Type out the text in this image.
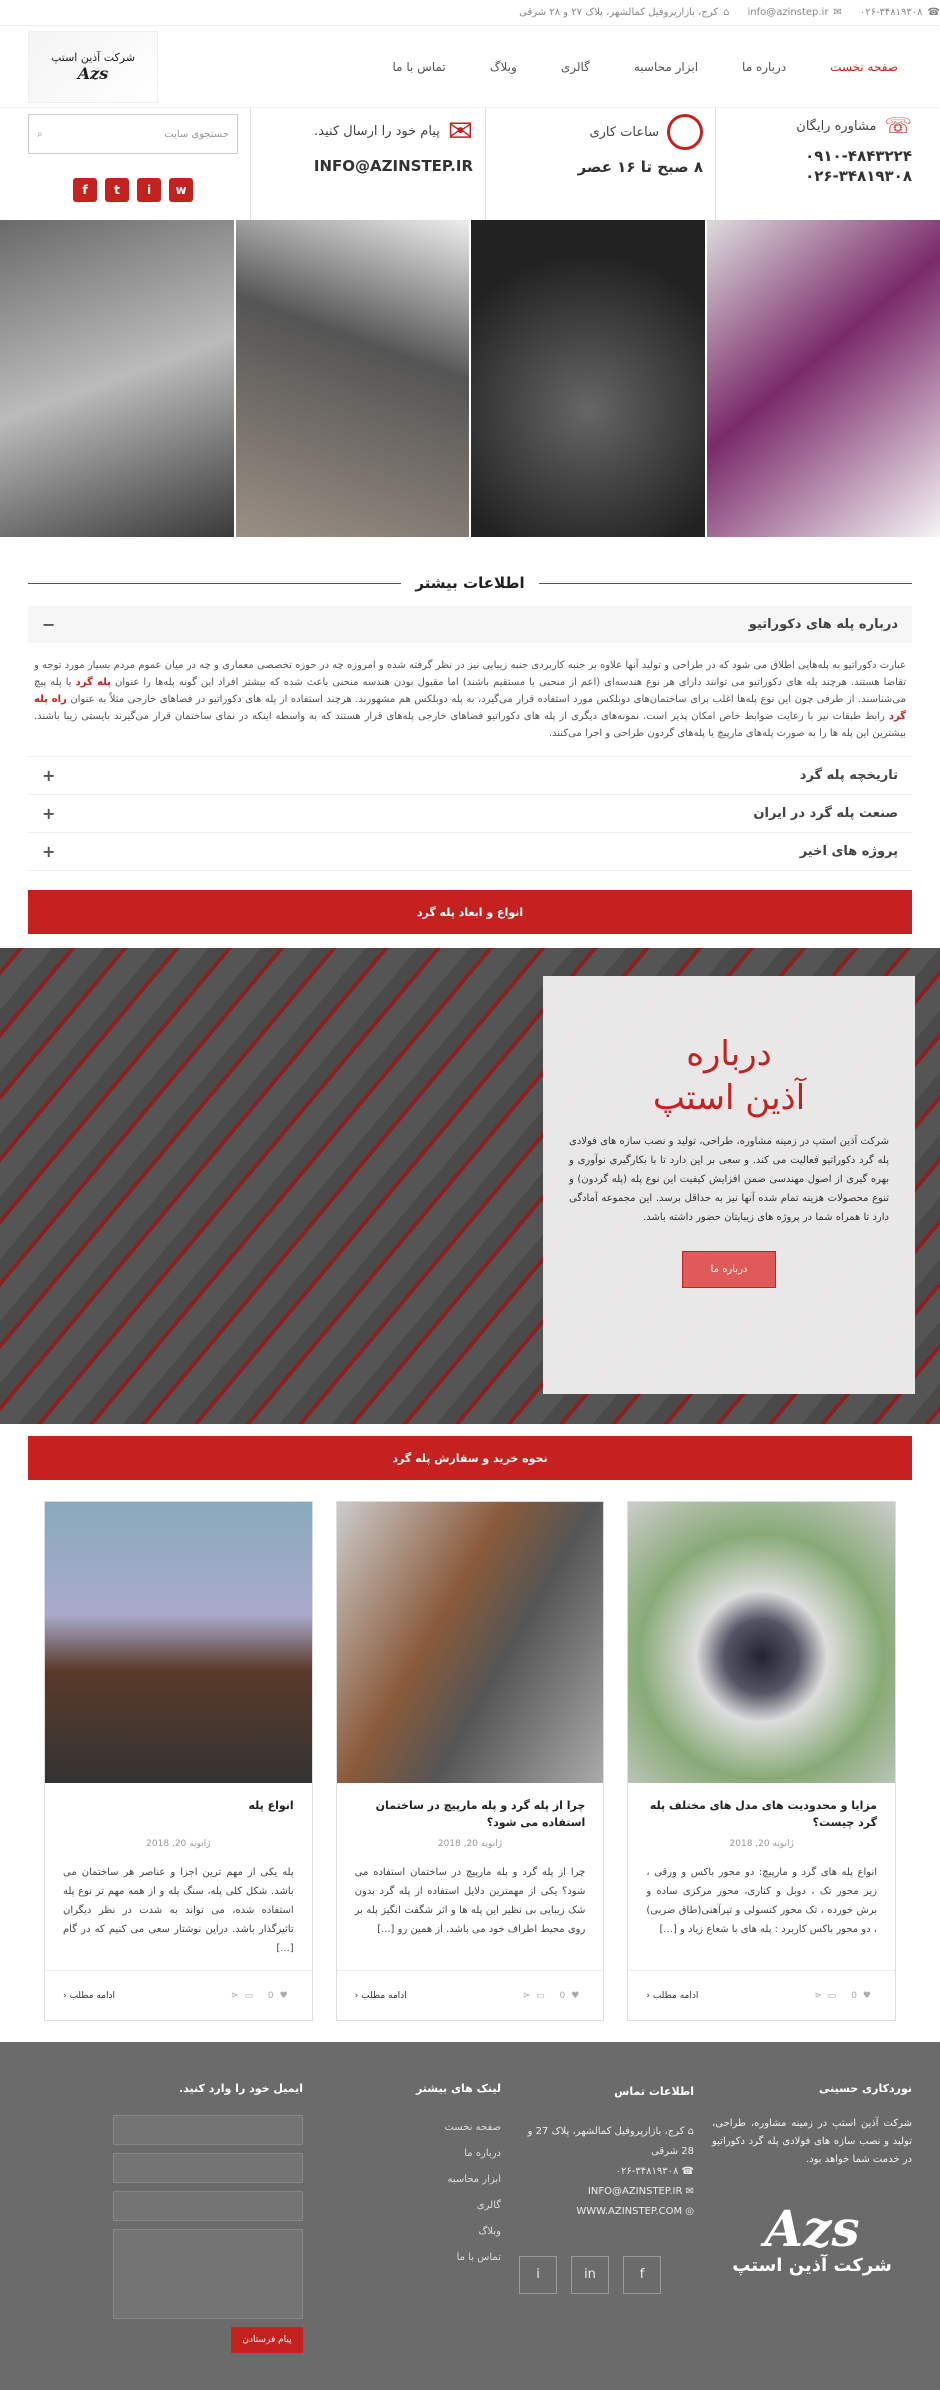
⌂
کرج، بازارپروفیل کمالشهر، پلاک ۲۷ و ۲۸ شرقی	✉
info@azinstep.ir	☎
۰۲۶-۳۴۸۱۹۳۰۸
صفحه نخست
درباره ما
ابزار محاسبه
گالری
وبلاگ
تماس با ما
شرکت آذین استپ
Azs
☏
مشاوره رایگان
۰۹۱۰-۴۸۴۳۲۲۴
۰۲۶-۳۴۸۱۹۳۰۸
ساعات کاری
۸ صبح تا ۱۶ عصر
✉
پیام خود را ارسال کنید.
INFO@AZINSTEP.IR
جستجوی سایت
⌕
f	t	i	w
اطلاعات بیشتر
درباره پله های دکوراتیو
−
عبارت دکوراتیو به پله‌هایی اطلاق می شود که در طراحی و تولید آنها علاوه بر جنبه کاربردی جنبه زیبایی نیز در نظر گرفته شده و امروزه چه در حوزه تخصصی معماری و چه در میان عموم مردم بسیار مورد توجه و تقاضا هستند. هرچند پله های دکوراتیو می توانند دارای هر نوع هندسه‌ای (اعم از منحنی یا مستقیم باشند) اما مقبول بودن هندسه منحنی باعث شده که بیشتر افراد این گونه پله‌ها را عنوان پله گرد یا پله پیچ می‌شناسند. از طرفی چون این نوع پله‌ها اغلب برای ساختمان‌های دوبلکس مورد استفاده قرار می‌گیرد، به پله دوبلکس هم مشهورند. هرچند استفاده از پله های دکوراتیو در فضاهای خارجی مثلاً به عنوان راه پله گرد رابط طبقات نیز با رعایت ضوابط خاص امکان پذیر است. نمونه‌های دیگری از پله های دکوراتیو فضاهای خارجی پله‌های قرار هستند که به واسطه اینکه در نمای ساختمان قرار می‌گیرند بایستی زیبا باشند. بیشترین این پله ها را به صورت پله‌های مارپیچ یا پله‌های گردون طراحی و اجرا می‌کنند.
تاریخچه پله گرد
+
صنعت پله گرد در ایران
+
پروژه های اخیر
+
انواع و ابعاد پله گرد
درباره
آذین استپ

شرکت آذین استپ در زمینه مشاوره، طراحی، تولید و نصب سازه های فولادی پله گرد دکوراتیو فعالیت می کند. و سعی بر این دارد تا با بکارگیری نوآوری و بهره گیری از اصول مهندسی ضمن افزایش کیفیت این نوع پله (پله گردون) و تنوع محصولات هزینه تمام شده آنها نیز به حداقل برسد. این مجموعه آمادگی دارد تا همراه شما در پروژه های زیبایتان حضور داشته باشد.

درباره ما
نحوه خرید و سفارش پله گرد
مزایا و محدودیت های مدل های مختلف پله گرد چیست؟
ژانویه 20, 2018
انواع پله های گرد و مارپیچ: دو محور باکس و ورقی ، زیر محور تک ، دوبل و کناری، محور مرکزی ساده و برش خورده ، تک محور کنسولی و تیرآهنی(طاق ضربی) ، دو محور باکس کاربرد : پله های با شعاع زیاد و [...]
♥0 ▭⋖
ادامه مطلب ‹
چرا از پله گرد و پله مارپیچ در ساختمان استفاده می شود؟
ژانویه 20, 2018
چرا از پله گرد و پله مارپیچ در ساختمان استفاده می شود؟ یکی از مهمترین دلایل استفاده از پله گرد بدون شک زیبایی بی نظیر این پله ها و اثر شگفت انگیز پله بر روی محیط اطراف خود می باشد. از همین رو [...]
♥0 ▭⋖
ادامه مطلب ‹
انواع پله
ژانویه 20, 2018
پله یکی از مهم ترین اجزا و عناصر هر ساختمان می باشد. شکل کلی پله، سنگ پله و از همه مهم تر نوع پله استفاده شده، می تواند به شدت در نظر دیگران تاثیرگذار باشد. دراین نوشتار سعی می کنیم که در گام [...]
♥0 ▭⋖
ادامه مطلب ‹
نوردکاری حسینی

شرکت آذین استپ در زمینه مشاوره، طراحی، تولید و نصب سازه های فولادی پله گرد دکوراتیو در خدمت شما خواهد بود.

Azs
شرکت آذین استپ
اطلاعات تماس
⌂ کرج، بازارپروفیل کمالشهر، پلاک 27 و 28 شرقی
☎ ۰۲۶-۳۴۸۱۹۳۰۸
✉ INFO@AZINSTEP.IR
◎ WWW.AZINSTEP.COM
i	in	f
لینک های بیشتر
صفحه نخست
درباره ما
ابزار محاسبه
گالری
وبلاگ
تماس با ما
ایمیل خود را وارد کنید.
پیام فرستادن
